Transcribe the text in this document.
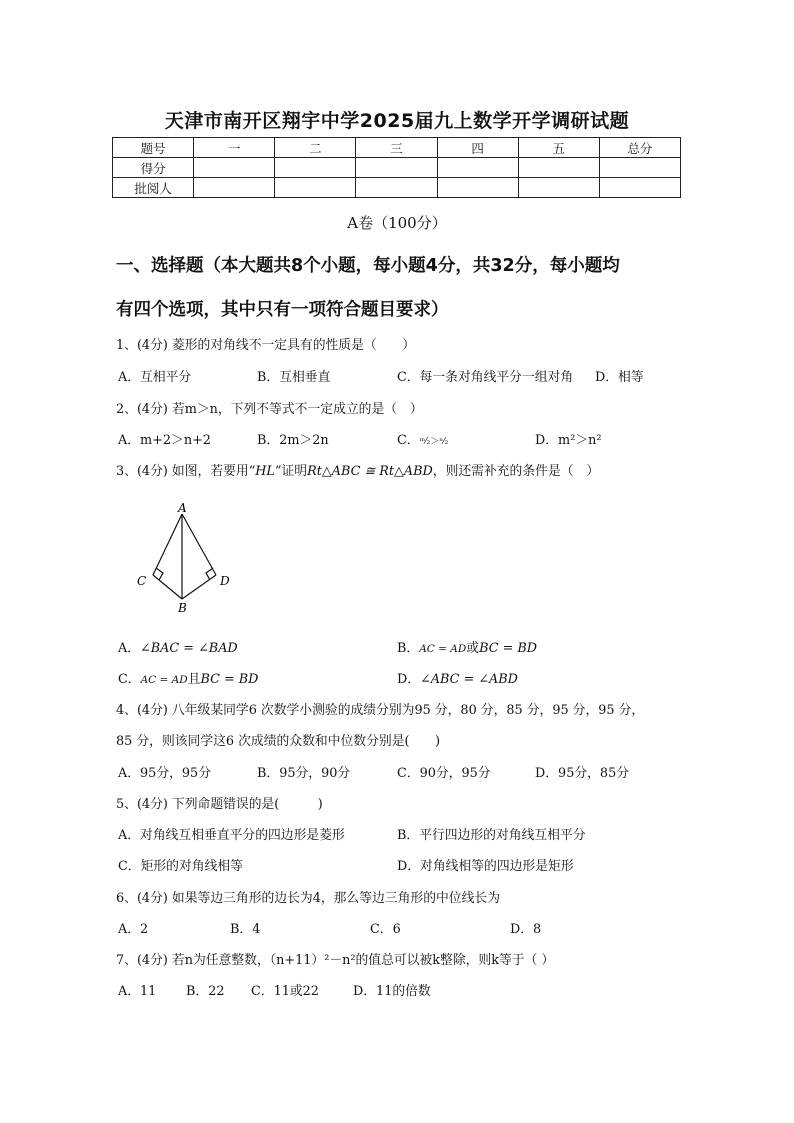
天津市南开区翔宇中学2025届九上数学开学调研试题
题号	一	二	三	四	五	总分
得分						
批阅人						
A卷（100分）
一、选择题（本大题共8个小题，每小题4分，共32分，每小题均
有四个选项，其中只有一项符合题目要求）
1、(4分) 菱形的对角线不一定具有的性质是（　　）
A．互相平分	B．互相垂直	C．每一条对角线平分一组对角 D．相等
2、(4分) 若m＞n，下列不等式不一定成立的是（　）
A．m+2＞n+2	B．2m＞2n	C．ᵐ⁄₂＞ⁿ⁄₂	D．m²＞n²
3、(4分) 如图，若要用“HL”证明Rt△ABC ≅ Rt△ABD，则还需补充的条件是（　）
A
B
C	D
A．∠BAC = ∠BAD	B．AC = AD或BC = BD
C．AC = AD且BC = BD	D．∠ABC = ∠ABD
4、(4分) 八年级某同学6 次数学小测验的成绩分别为95 分，80 分，85 分，95 分，95 分，
85 分，则该同学这6 次成绩的众数和中位数分别是(　　)
A．95分，95分	B．95分，90分	C．90分，95分	D．95分，85分
5、(4分) 下列命题错误的是(　　　)
A．对角线互相垂直平分的四边形是菱形	B．平行四边形的对角线互相平分
C．矩形的对角线相等	D．对角线相等的四边形是矩形
6、(4分) 如果等边三角形的边长为4，那么等边三角形的中位线长为
A．2	B．4	C．6	D．8
7、(4分) 若n为任意整数，（n+11）²－n²的值总可以被k整除，则k等于（ ）
A．11 B．22 C．11或22	D．11的倍数
